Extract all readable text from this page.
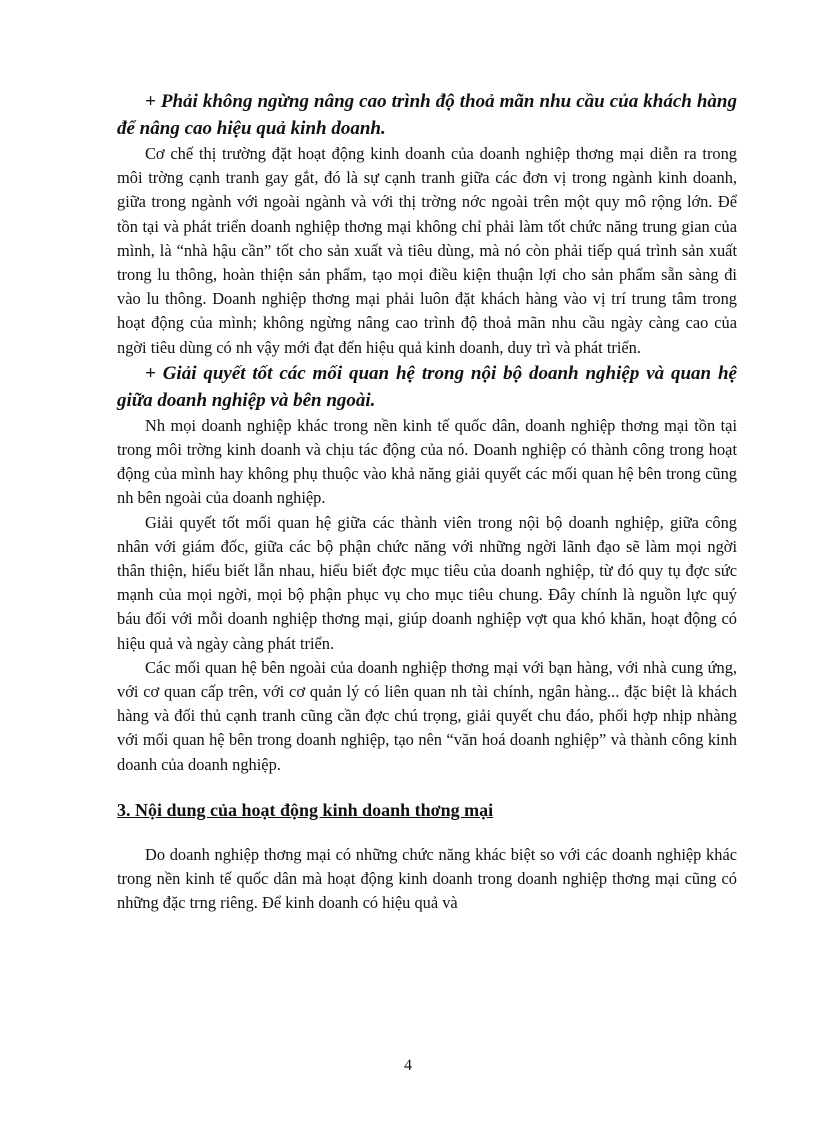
+ Phải không ngừng nâng cao trình độ thoả mãn nhu cầu của khách hàng để nâng cao hiệu quả kinh doanh.

Cơ chế thị trường đặt hoạt động kinh doanh của doanh nghiệp thơng mại diễn ra trong môi trờng cạnh tranh gay gắt, đó là sự cạnh tranh giữa các đơn vị trong ngành kinh doanh, giữa trong ngành với ngoài ngành và với thị trờng nớc ngoài trên một quy mô rộng lớn. Để tồn tại và phát triển doanh nghiệp thơng mại không chỉ phải làm tốt chức năng trung gian của mình, là “nhà hậu cần” tốt cho sản xuất và tiêu dùng, mà nó còn phải tiếp quá trình sản xuất trong lu thông, hoàn thiện sản phẩm, tạo mọi điều kiện thuận lợi cho sản phẩm sẵn sàng đi vào lu thông. Doanh nghiệp thơng mại phải luôn đặt khách hàng vào vị trí trung tâm trong hoạt động của mình; không ngừng nâng cao trình độ thoả mãn nhu cầu ngày càng cao của ngời tiêu dùng có nh vậy mới đạt đến hiệu quả kinh doanh, duy trì và phát triển.

+ Giải quyết tốt các mối quan hệ trong nội bộ doanh nghiệp và quan hệ giữa doanh nghiệp và bên ngoài.

Nh mọi doanh nghiệp khác trong nền kinh tế quốc dân, doanh nghiệp thơng mại tồn tại trong môi trờng kinh doanh và chịu tác động của nó. Doanh nghiệp có thành công trong hoạt động của mình hay không phụ thuộc vào khả năng giải quyết các mối quan hệ bên trong cũng nh bên ngoài của doanh nghiệp.

Giải quyết tốt mối quan hệ giữa các thành viên trong nội bộ doanh nghiệp, giữa công nhân với giám đốc, giữa các bộ phận chức năng với những ngời lãnh đạo sẽ làm mọi ngời thân thiện, hiểu biết lẫn nhau, hiểu biết đợc mục tiêu của doanh nghiệp, từ đó quy tụ đợc sức mạnh của mọi ngời, mọi bộ phận phục vụ cho mục tiêu chung. Đây chính là nguồn lực quý báu đối với mỗi doanh nghiệp thơng mại, giúp doanh nghiệp vợt qua khó khăn, hoạt động có hiệu quả và ngày càng phát triển.

Các mối quan hệ bên ngoài của doanh nghiệp thơng mại với bạn hàng, với nhà cung ứng, với cơ quan cấp trên, với cơ quản lý có liên quan nh tài chính, ngân hàng... đặc biệt là khách hàng và đối thủ cạnh tranh cũng cần đợc chú trọng, giải quyết chu đáo, phối hợp nhịp nhàng với mối quan hệ bên trong doanh nghiệp, tạo nên “văn hoá doanh nghiệp” và thành công kinh doanh của doanh nghiệp.

3. Nội dung của hoạt động kinh doanh thơng mại

Do doanh nghiệp thơng mại có những chức năng khác biệt so với các doanh nghiệp khác trong nền kinh tế quốc dân mà hoạt động kinh doanh trong doanh nghiệp thơng mại cũng có những đặc trng riêng. Để kinh doanh có hiệu quả và

4
